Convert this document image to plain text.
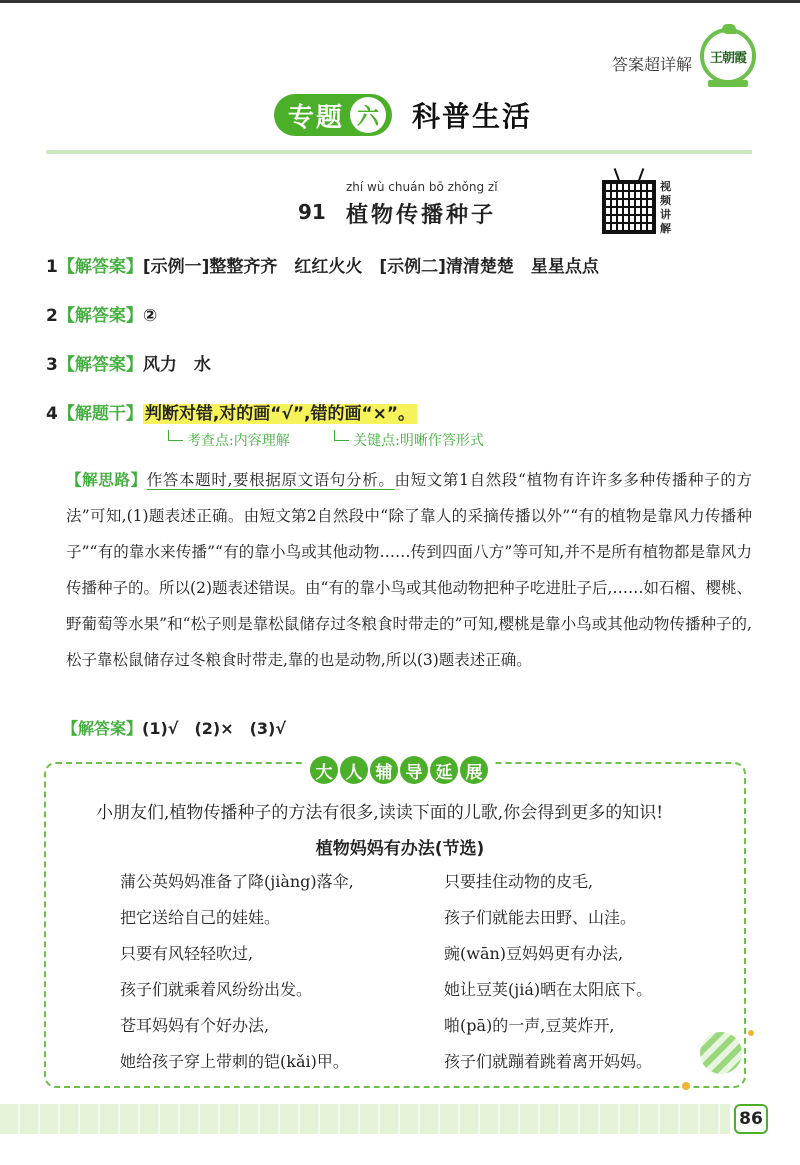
答案超详解 王朝霞
专题 六 科普生活
zhí wù chuán bō zhǒng zǐ
91 植物传播种子
视
频
讲
解
1【解答案】[示例一]整整齐齐　红红火火　[示例二]清清楚楚　星星点点
2【解答案】②
3【解答案】风力　水
4【解题干】 判断对错,对的画“√”,错的画“×”。
考查点:内容理解	关键点:明晰作答形式
【解思路】作答本题时,要根据原文语句分析。由短文第1自然段“植物有许许多多种传播种子的方法”可知,(1)题表述正确。由短文第2自然段中“除了靠人的采摘传播以外”“有的植物是靠风力传播种子”“有的靠水来传播”“有的靠小鸟或其他动物……传到四面八方”等可知,并不是所有植物都是靠风力传播种子的。所以(2)题表述错误。由“有的靠小鸟或其他动物把种子吃进肚子后,……如石榴、樱桃、野葡萄等水果”和“松子则是靠松鼠储存过冬粮食时带走的”可知,樱桃是靠小鸟或其他动物传播种子的,松子靠松鼠储存过冬粮食时带走,靠的也是动物,所以(3)题表述正确。
【解答案】(1)√　(2)×　(3)√
大 人 辅 导 延 展
小朋友们,植物传播种子的方法有很多,读读下面的儿歌,你会得到更多的知识!
植物妈妈有办法(节选)
蒲公英妈妈准备了降(jiàng)落伞,
把它送给自己的娃娃。
只要有风轻轻吹过,
孩子们就乘着风纷纷出发。
苍耳妈妈有个好办法,
她给孩子穿上带刺的铠(kǎi)甲。
只要挂住动物的皮毛,
孩子们就能去田野、山洼。
豌(wān)豆妈妈更有办法,
她让豆荚(jiá)晒在太阳底下。
啪(pā)的一声,豆荚炸开,
孩子们就蹦着跳着离开妈妈。
86
